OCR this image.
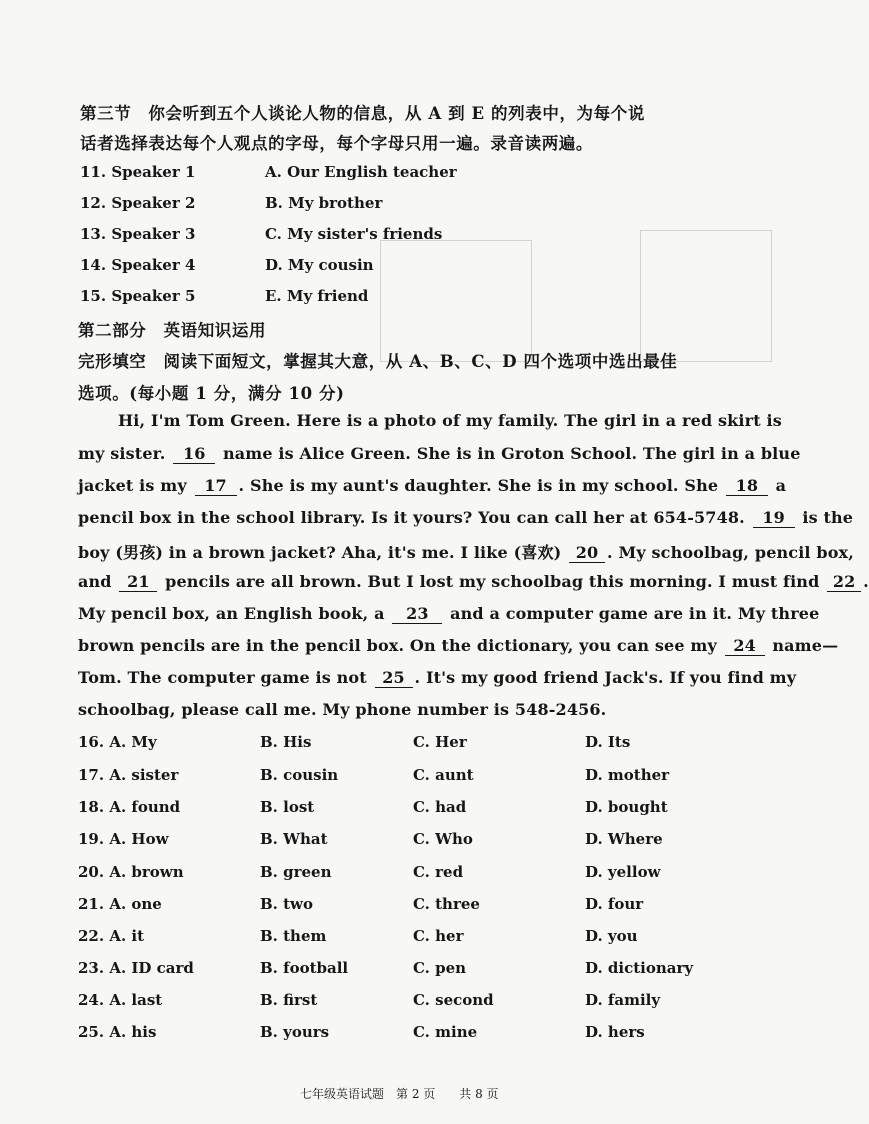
第三节　你会听到五个人谈论人物的信息，从 A 到 E 的列表中，为每个说
话者选择表达每个人观点的字母，每个字母只用一遍。录音读两遍。
11. Speaker 1	A. Our English teacher
12. Speaker 2	B. My brother
13. Speaker 3	C. My sister's friends
14. Speaker 4	D. My cousin
15. Speaker 5	E. My friend
第二部分　英语知识运用
完形填空　阅读下面短文，掌握其大意，从 A、B、C、D 四个选项中选出最佳
选项。(每小题 1 分，满分 10 分)
Hi, I'm Tom Green. Here is a photo of my family. The girl in a red skirt is
my sister. 16 name is Alice Green. She is in Groton School. The girl in a blue
jacket is my 17 . She is my aunt's daughter. She is in my school. She 18 a
pencil box in the school library. Is it yours? You can call her at 654-5748. 19 is the
boy (男孩) in a brown jacket? Aha, it's me. I like (喜欢) 20 . My schoolbag, pencil box,
and 21 pencils are all brown. But I lost my schoolbag this morning. I must find 22 .
My pencil box, an English book, a 23 and a computer game are in it. My three
brown pencils are in the pencil box. On the dictionary, you can see my 24 name—
Tom. The computer game is not 25 . It's my good friend Jack's. If you find my
schoolbag, please call me. My phone number is 548-2456.
16. A. My	B. His	C. Her	D. Its
17. A. sister	B. cousin	C. aunt	D. mother
18. A. found	B. lost	C. had	D. bought
19. A. How	B. What	C. Who	D. Where
20. A. brown	B. green	C. red	D. yellow
21. A. one	B. two	C. three	D. four
22. A. it	B. them	C. her	D. you
23. A. ID card	B. football	C. pen	D. dictionary
24. A. last	B. first	C. second	D. family
25. A. his	B. yours	C. mine	D. hers
七年级英语试题　第 2 页　　共 8 页
